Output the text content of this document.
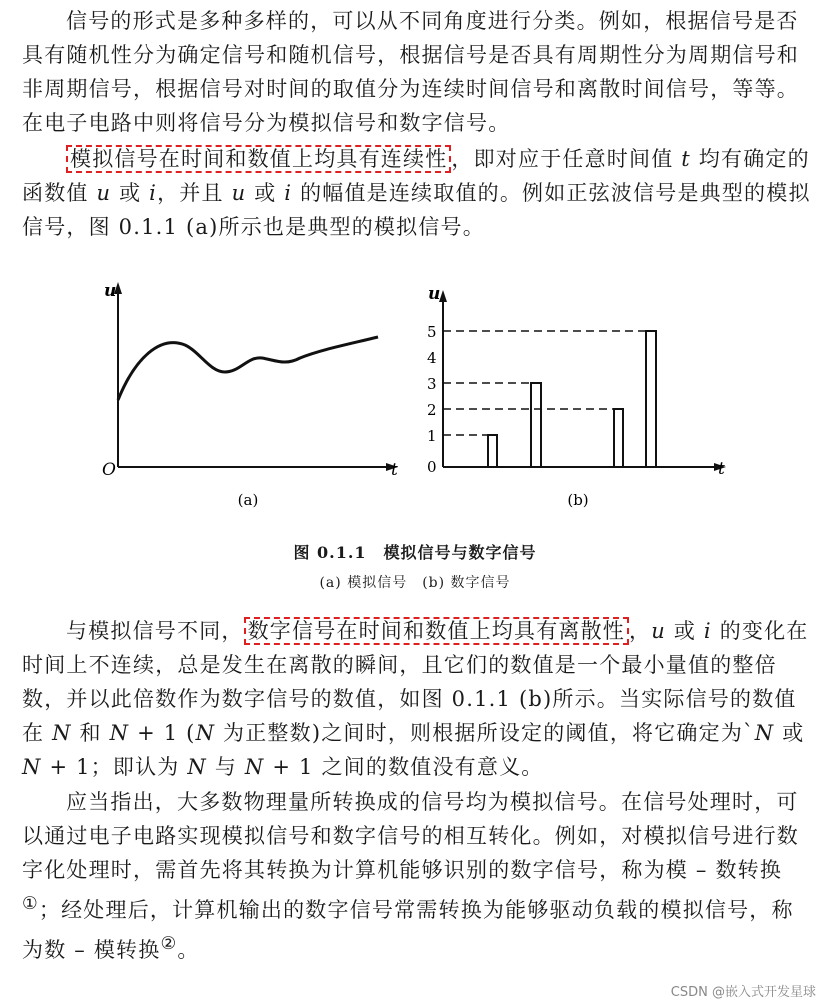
信号的形式是多种多样的，可以从不同角度进行分类。例如，根据信号是否具有随机性分为确定信号和随机信号，根据信号是否具有周期性分为周期信号和非周期信号，根据信号对时间的取值分为连续时间信号和离散时间信号，等等。在电子电路中则将信号分为模拟信号和数字信号。

模拟信号在时间和数值上均具有连续性 ，即对应于任意时间值 t 均有确定的函数值 u 或 i，并且 u 或 i 的幅值是连续取值的。例如正弦波信号是典型的模拟信号，图 0.1.1 (a)所示也是典型的模拟信号。

u
t
O
(a)
u
t
0
1
2
3
4
5
(b)

图 0.1.1　模拟信号与数字信号

(a) 模拟信号　(b) 数字信号

与模拟信号不同， 数字信号在时间和数值上均具有离散性 ，u 或 i 的变化在时间上不连续，总是发生在离散的瞬间，且它们的数值是一个最小量值的整倍数，并以此倍数作为数字信号的数值，如图 0.1.1 (b)所示。当实际信号的数值在 N 和 N + 1 (N 为正整数)之间时，则根据所设定的阈值，将它确定为`N 或 N + 1；即认为 N 与 N + 1 之间的数值没有意义。

应当指出，大多数物理量所转换成的信号均为模拟信号。在信号处理时，可以通过电子电路实现模拟信号和数字信号的相互转化。例如，对模拟信号进行数字化处理时，需首先将其转换为计算机能够识别的数字信号，称为模 – 数转换①；经处理后，计算机输出的数字信号常需转换为能够驱动负载的模拟信号，称为数 – 模转换②。

CSDN @嵌入式开发星球
